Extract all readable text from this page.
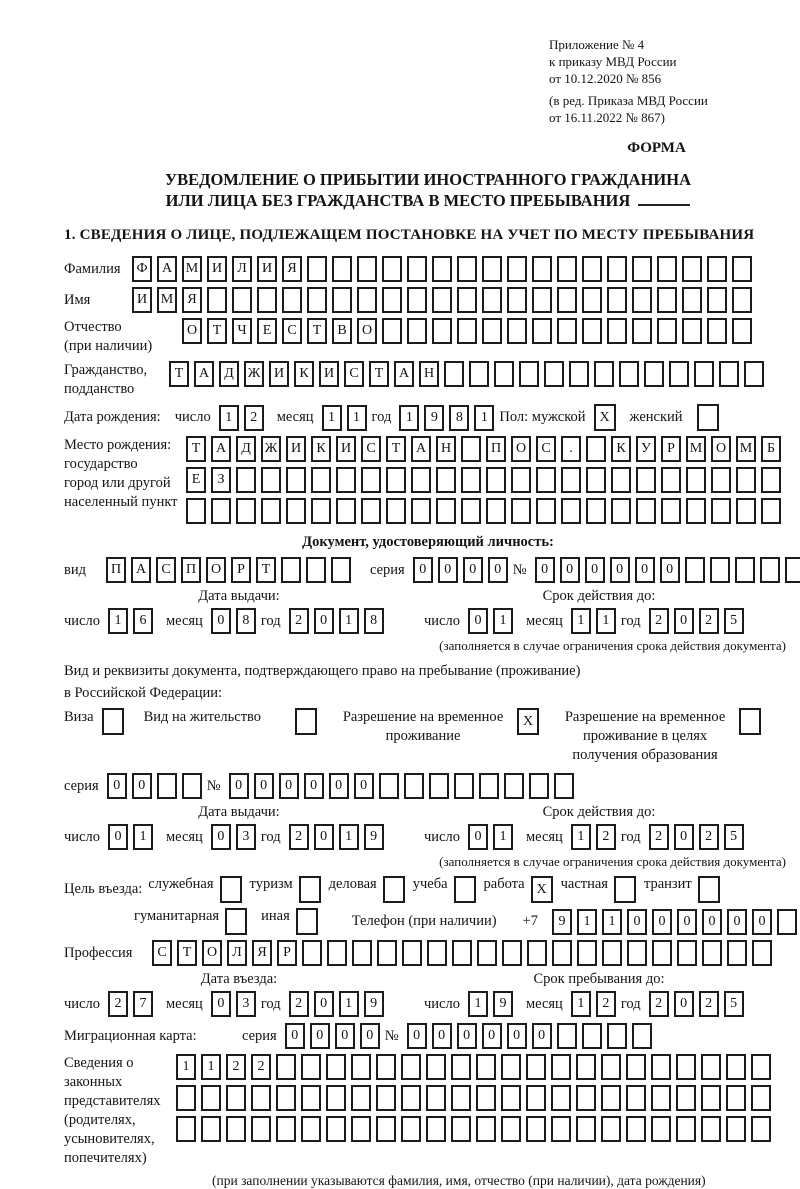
Приложение № 4
к приказу МВД России
от 10.12.2020 № 856
(в ред. Приказа МВД России
от 16.11.2022 № 867)
ФОРМА
УВЕДОМЛЕНИЕ О ПРИБЫТИИ ИНОСТРАННОГО ГРАЖДАНИНА
ИЛИ ЛИЦА БЕЗ ГРАЖДАНСТВА В МЕСТО ПРЕБЫВАНИЯ
1. СВЕДЕНИЯ О ЛИЦЕ, ПОДЛЕЖАЩЕМ ПОСТАНОВКЕ НА УЧЕТ ПО МЕСТУ ПРЕБЫВАНИЯ
Фамилия	Ф	А М И	Л	И	Я
Имя	И М	Я
Отчество
(при наличии)
О	Т	Ч	Е	С	Т	В	О
Гражданство,
подданство
Т	А	Д Ж И	К	И	С	Т	А	Н
Дата рождения: число	1	2	месяц	1	1 год	1	9	8	1 Пол: мужской X	женский
Место рождения:
государство
город или другой
населенный пункт
Т	А	Д Ж И	К	И	С	Т	А	Н	П	О	С	.	К	У	Р	М О М	Б
Е	З
Документ, удостоверяющий личность:
вид	П	А	С	П	О	Р	Т	серия	0	0	0	0 №	0	0	0	0	0	0
Дата выдачи:	Срок действия до:
число	1	6	месяц	0	8 год	2	0	1	8	число	0	1	месяц	1	1 год	2	0	2	5
(заполняется в случае ограничения срока действия документа)
Вид и реквизиты документа, подтверждающего право на пребывание (проживание)
в Российской Федерации:
Виза	Вид на жительство	Разрешение на временное проживание
X	Разрешение на временное проживание в целях получения образования
серия	0	0	№	0	0	0	0	0	0
Дата выдачи:	Срок действия до:
число	0	1	месяц	0	3 год	2	0	1	9	число	0	1	месяц	1	2 год	2	0	2	5
(заполняется в случае ограничения срока действия документа)
Цель въезда: служебная туризм деловая учеба работа X частная транзит
гуманитарная	иная	Телефон (при наличии) +7	9	1	1	0	0	0	0	0	0
Профессия	С	Т	О	Л	Я	Р
Дата въезда:	Срок пребывания до:
число	2	7	месяц	0	3 год	2	0	1	9	число	1	9	месяц	1	2 год	2	0	2	5
Миграционная карта:	серия	0	0	0	0 №	0	0	0	0	0	0
Сведения о
законных
представителях
(родителях,
усыновителях,
попечителях)
1	1	2	2
(при заполнении указываются фамилия, имя, отчество (при наличии), дата рождения)
